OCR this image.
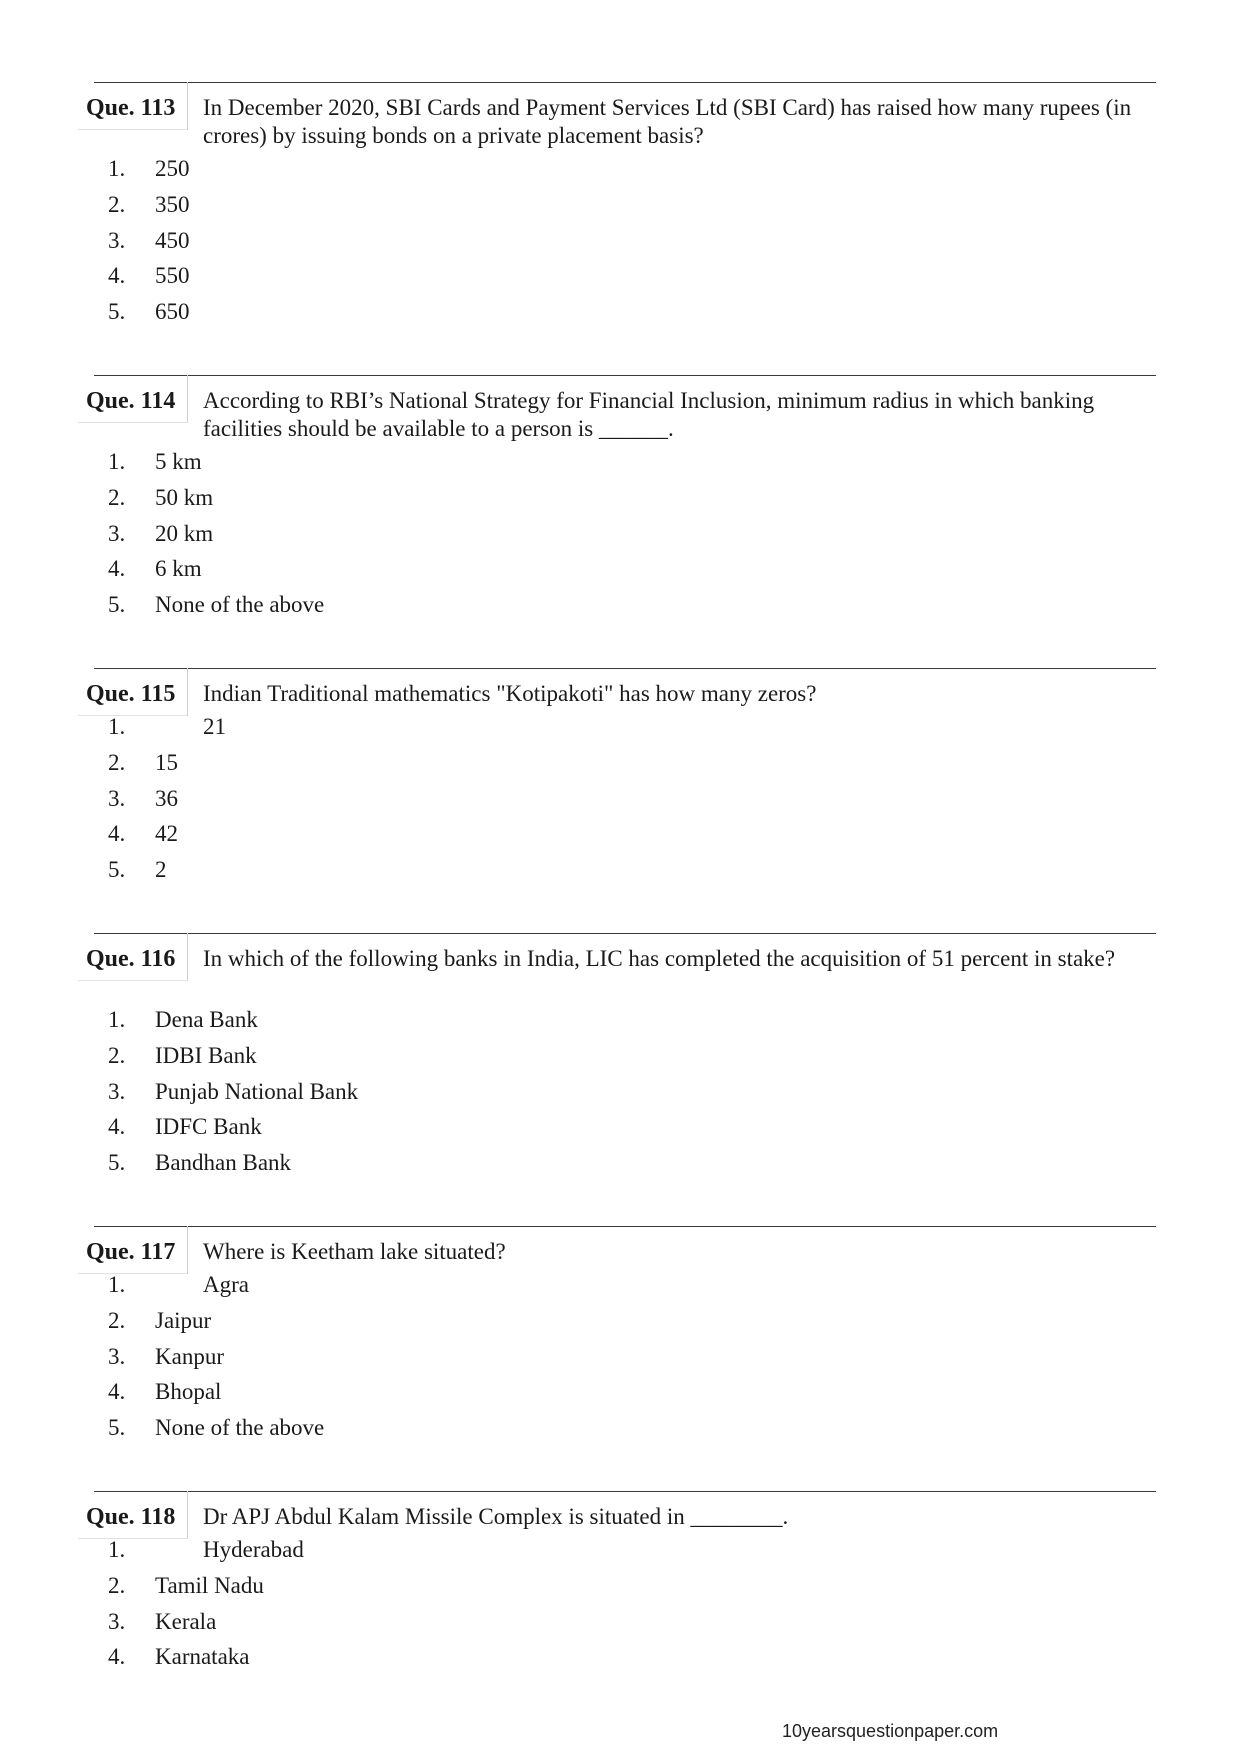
Que. 113 In December 2020, SBI Cards and Payment Services Ltd (SBI Card) has raised how many rupees (in crores) by issuing bonds on a private placement basis?
1.	250
2.	350
3.	450
4.	550
5.	650
Que. 114 According to RBI’s National Strategy for Financial Inclusion, minimum radius in which banking facilities should be available to a person is ______.
1.	5 km
2.	50 km
3.	20 km
4.	6 km
5.	None of the above
Que. 115 Indian Traditional mathematics "Kotipakoti" has how many zeros?
1.	21
2.	15
3.	36
4.	42
5.	2
Que. 116 In which of the following banks in India, LIC has completed the acquisition of 51 percent in stake?
1.	Dena Bank
2.	IDBI Bank
3.	Punjab National Bank
4.	IDFC Bank
5.	Bandhan Bank
Que. 117 Where is Keetham lake situated?
1.	Agra
2.	Jaipur
3.	Kanpur
4.	Bhopal
5.	None of the above
Que. 118 Dr APJ Abdul Kalam Missile Complex is situated in ________.
1.	Hyderabad
2.	Tamil Nadu
3.	Kerala
4.	Karnataka
10yearsquestionpaper.com
